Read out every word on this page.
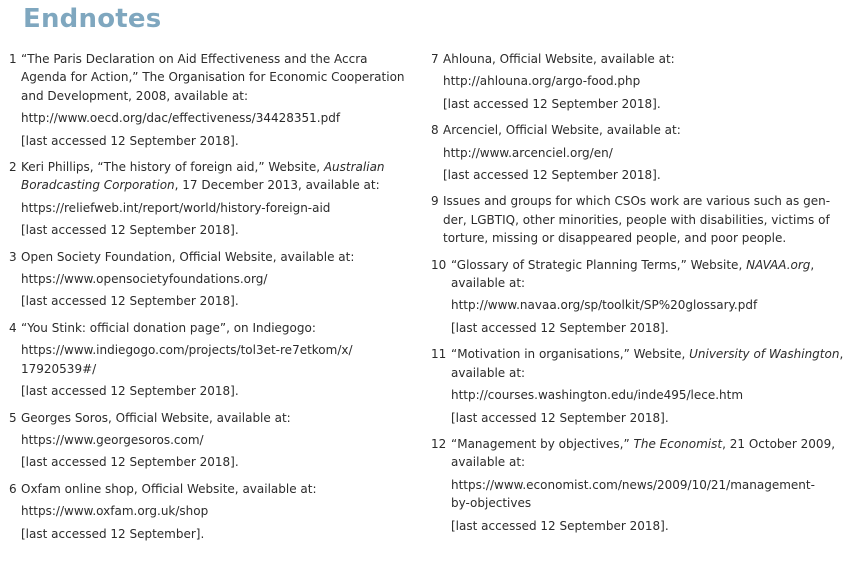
Endnotes
1 “The Paris Declaration on Aid Effectiveness and the Accra
Agenda for Action,” The Organisation for Economic Cooperation
and Development, 2008, available at:
http://www.oecd.org/dac/effectiveness/34428351.pdf
[last accessed 12 September 2018].
2 Keri Phillips, “The history of foreign aid,” Website, Australian
Boradcasting Corporation, 17 December 2013, available at:
https://reliefweb.int/report/world/history-foreign-aid
[last accessed 12 September 2018].
3 Open Society Foundation, Official Website, available at:
https://www.opensocietyfoundations.org/
[last accessed 12 September 2018].
4 “You Stink: official donation page”, on Indiegogo:
https://www.indiegogo.com/projects/tol3et-re7etkom/x/
17920539#/
[last accessed 12 September 2018].
5 Georges Soros, Official Website, available at:
https://www.georgesoros.com/
[last accessed 12 September 2018].
6 Oxfam online shop, Official Website, available at:
https://www.oxfam.org.uk/shop
[last accessed 12 September].
7 Ahlouna, Official Website, available at:
http://ahlouna.org/argo-food.php
[last accessed 12 September 2018].
8 Arcenciel, Official Website, available at:
http://www.arcenciel.org/en/
[last accessed 12 September 2018].
9 Issues and groups for which CSOs work are various such as gen-
der, LGBTIQ, other minorities, people with disabilities, victims of
torture, missing or disappeared people, and poor people.
10 “Glossary of Strategic Planning Terms,” Website, NAVAA.org,
available at:
http://www.navaa.org/sp/toolkit/SP%20glossary.pdf
[last accessed 12 September 2018].
11 “Motivation in organisations,” Website, University of Washington,
available at:
http://courses.washington.edu/inde495/lece.htm
[last accessed 12 September 2018].
12 “Management by objectives,” The Economist, 21 October 2009,
available at:
https://www.economist.com/news/2009/10/21/management-
by-objectives
[last accessed 12 September 2018].
